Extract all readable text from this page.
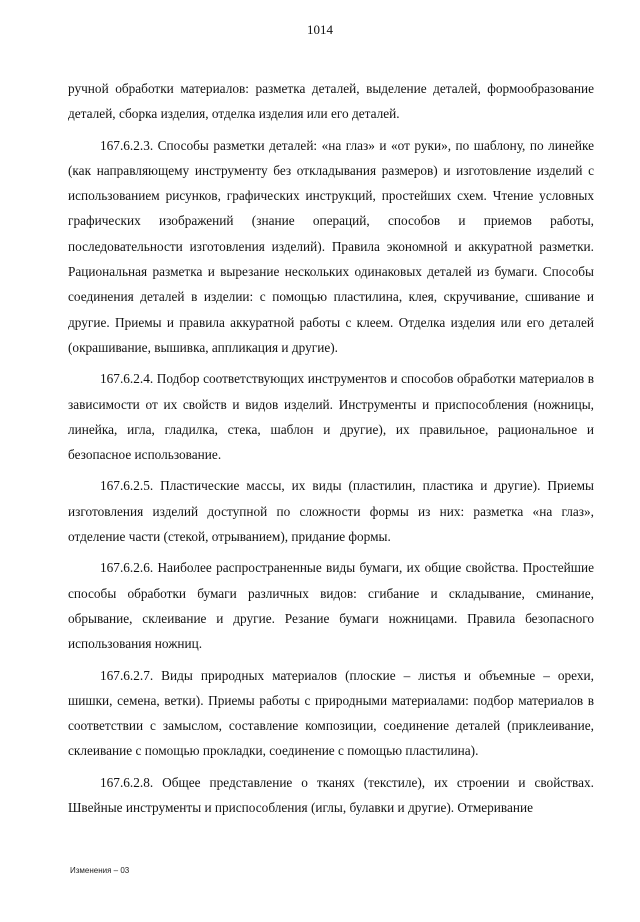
1014

ручной обработки материалов: разметка деталей, выделение деталей, формообразование деталей, сборка изделия, отделка изделия или его деталей.

167.6.2.3. Способы разметки деталей: «на глаз» и «от руки», по шаблону, по линейке (как направляющему инструменту без откладывания размеров) и изготовление изделий с использованием рисунков, графических инструкций, простейших схем. Чтение условных графических изображений (знание операций, способов и приемов работы, последовательности изготовления изделий). Правила экономной и аккуратной разметки. Рациональная разметка и вырезание нескольких одинаковых деталей из бумаги. Способы соединения деталей в изделии: с помощью пластилина, клея, скручивание, сшивание и другие. Приемы и правила аккуратной работы с клеем. Отделка изделия или его деталей (окрашивание, вышивка, аппликация и другие).

167.6.2.4. Подбор соответствующих инструментов и способов обработки материалов в зависимости от их свойств и видов изделий. Инструменты и приспособления (ножницы, линейка, игла, гладилка, стека, шаблон и другие), их правильное, рациональное и безопасное использование.

167.6.2.5. Пластические массы, их виды (пластилин, пластика и другие). Приемы изготовления изделий доступной по сложности формы из них: разметка «на глаз», отделение части (стекой, отрыванием), придание формы.

167.6.2.6. Наиболее распространенные виды бумаги, их общие свойства. Простейшие способы обработки бумаги различных видов: сгибание и складывание, сминание, обрывание, склеивание и другие. Резание бумаги ножницами. Правила безопасного использования ножниц.

167.6.2.7. Виды природных материалов (плоские – листья и объемные – орехи, шишки, семена, ветки). Приемы работы с природными материалами: подбор материалов в соответствии с замыслом, составление композиции, соединение деталей (приклеивание, склеивание с помощью прокладки, соединение с помощью пластилина).

167.6.2.8. Общее представление о тканях (текстиле), их строении и свойствах. Швейные инструменты и приспособления (иглы, булавки и другие). Отмеривание

Изменения – 03
